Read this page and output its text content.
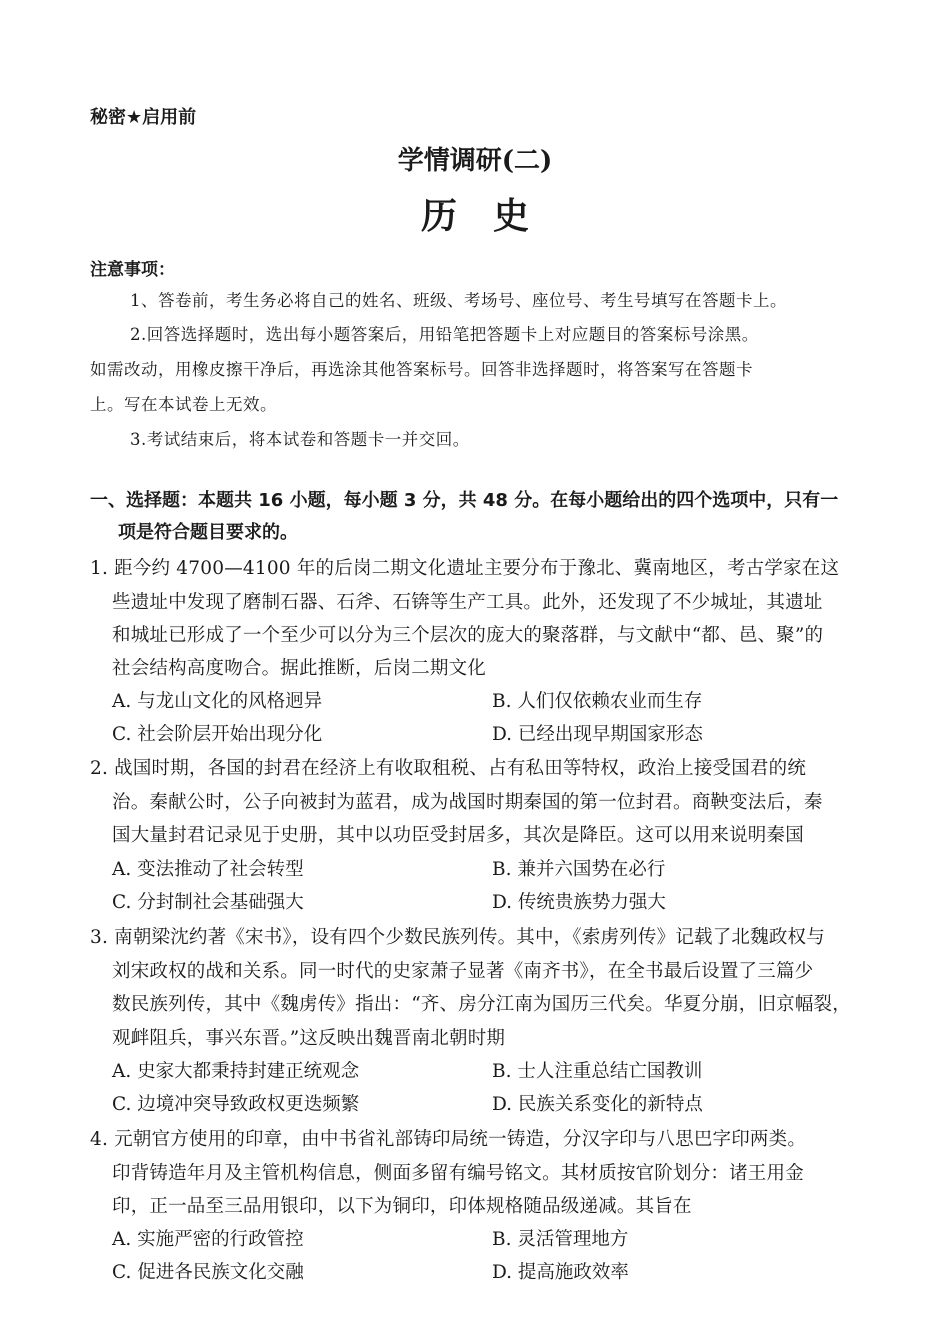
秘密★启用前
学情调研(二)
历　史
注意事项：
1、答卷前，考生务必将自己的姓名、班级、考场号、座位号、考生号填写在答题卡上。
2.回答选择题时，选出每小题答案后，用铅笔把答题卡上对应题目的答案标号涂黑。
如需改动，用橡皮擦干净后，再选涂其他答案标号。回答非选择题时，将答案写在答题卡
上。写在本试卷上无效。
3.考试结束后，将本试卷和答题卡一并交回。
一、选择题：本题共 16 小题，每小题 3 分，共 48 分。在每小题给出的四个选项中，只有一
项是符合题目要求的。
1. 距今约 4700—4100 年的后岗二期文化遗址主要分布于豫北、冀南地区，考古学家在这
些遗址中发现了磨制石器、石斧、石锛等生产工具。此外，还发现了不少城址，其遗址
和城址已形成了一个至少可以分为三个层次的庞大的聚落群，与文献中“都、邑、聚”的
社会结构高度吻合。据此推断，后岗二期文化
A. 与龙山文化的风格迥异	B. 人们仅依赖农业而生存
C. 社会阶层开始出现分化	D. 已经出现早期国家形态
2. 战国时期，各国的封君在经济上有收取租税、占有私田等特权，政治上接受国君的统
治。秦献公时，公子向被封为蓝君，成为战国时期秦国的第一位封君。商鞅变法后，秦
国大量封君记录见于史册，其中以功臣受封居多，其次是降臣。这可以用来说明秦国
A. 变法推动了社会转型	B. 兼并六国势在必行
C. 分封制社会基础强大	D. 传统贵族势力强大
3. 南朝梁沈约著《宋书》，设有四个少数民族列传。其中，《索虏列传》记载了北魏政权与
刘宋政权的战和关系。同一时代的史家萧子显著《南齐书》，在全书最后设置了三篇少
数民族列传，其中《魏虏传》指出：“齐、房分江南为国历三代矣。华夏分崩，旧京幅裂，
观衅阻兵，事兴东晋。”这反映出魏晋南北朝时期
A. 史家大都秉持封建正统观念	B. 士人注重总结亡国教训
C. 边境冲突导致政权更迭频繁	D. 民族关系变化的新特点
4. 元朝官方使用的印章，由中书省礼部铸印局统一铸造，分汉字印与八思巴字印两类。
印背铸造年月及主管机构信息，侧面多留有编号铭文。其材质按官阶划分：诸王用金
印，正一品至三品用银印，以下为铜印，印体规格随品级递减。其旨在
A. 实施严密的行政管控	B. 灵活管理地方
C. 促进各民族文化交融	D. 提高施政效率
